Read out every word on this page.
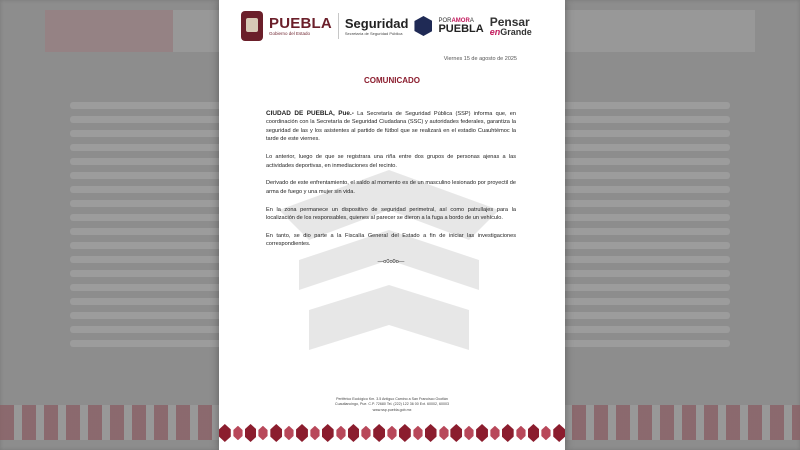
PUEBLA
Gobierno del Estado
Seguridad
Secretaría de Seguridad Pública
PORAMORA
PUEBLA Pensar
enGrande
Viernes 15 de agosto de 2025
COMUNICADO

CIUDAD DE PUEBLA, Pue.- La Secretaría de Seguridad Pública (SSP) informa que, en coordinación con la Secretaría de Seguridad Ciudadana (SSC) y autoridades federales, garantiza la seguridad de las y los asistentes al partido de fútbol que se realizará en el estadio Cuauhtémoc la tarde de este viernes.

Lo anterior, luego de que se registrara una riña entre dos grupos de personas ajenas a las actividades deportivas, en inmediaciones del recinto.

Derivado de este enfrentamiento, el saldo al momento es de un masculino lesionado por proyectil de arma de fuego y una mujer sin vida.

En la zona permanece un dispositivo de seguridad perimetral, así como patrullajes para la localización de los responsables, quienes al parecer se dieron a la fuga a bordo de un vehículo.

En tanto, se dio parte a la Fiscalía General del Estado a fin de iniciar las investigaciones correspondientes.

—o0o0o—

Periférico Ecológico Km. 3.5 Antiguo Camino a San Francisco Ocotlán
Cuautlancingo, Pue. C.P. 72680 Tel. (222) 122 36 00 Ext. 60002, 60003
www.ssp.puebla.gob.mx
